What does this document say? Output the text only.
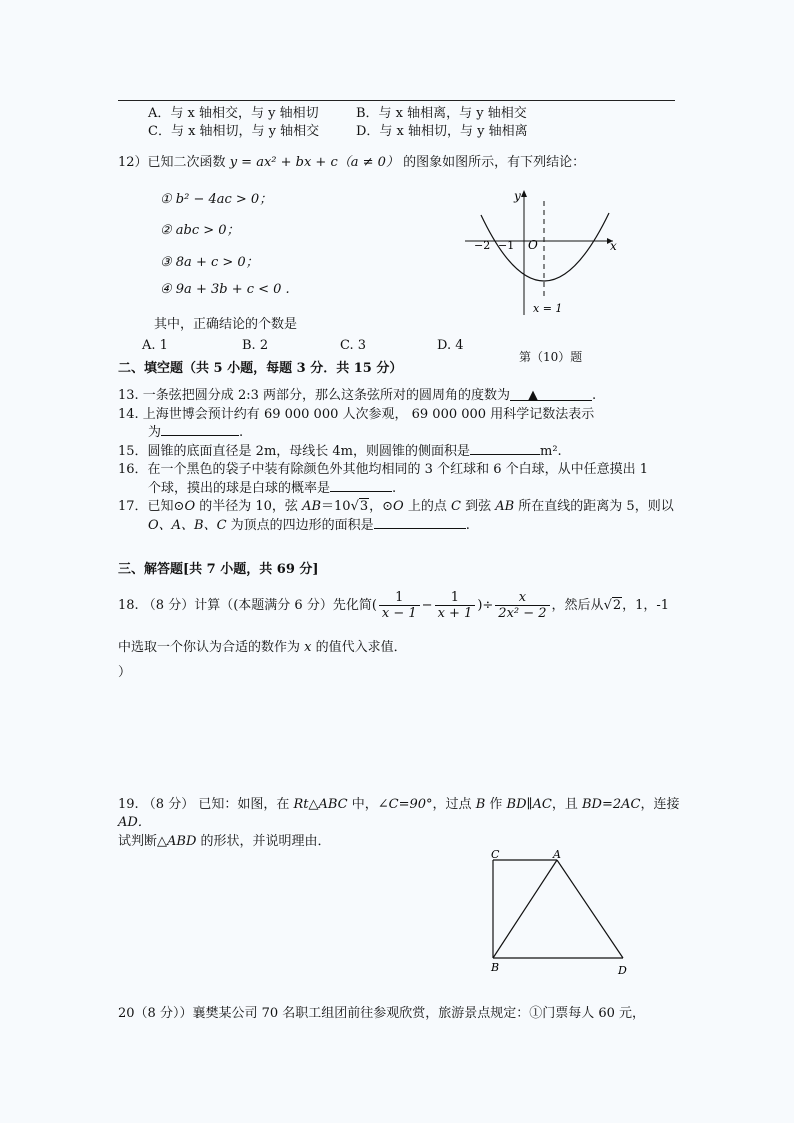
A．与 x 轴相交，与 y 轴相切	B．与 x 轴相离，与 y 轴相交
C．与 x 轴相切，与 y 轴相交	D．与 x 轴相切，与 y 轴相离
12）已知二次函数 y = ax² + bx + c（a ≠ 0） 的图象如图所示，有下列结论：
① b² − 4ac > 0；
② abc > 0；
③ 8a + c > 0；
④ 9a + 3b + c < 0 .
其中，正确结论的个数是
A. 1	B. 2	C. 3	D. 4
y
x
O
−2 −1
x = 1
第（10）题
二、填空题（共 5 小题，每题 3 分．共 15 分）
13. 一条弦把圆分成 2:3 两部分，那么这条弦所对的圆周角的度数为 ▲	.
14. 上海世博会预计约有 69 000 000 人次参观， 69 000 000 用科学记数法表示
为	.
15．圆锥的底面直径是 2m，母线长 4m，则圆锥的侧面积是	m².
16．在一个黑色的袋子中装有除颜色外其他均相同的 3 个红球和 6 个白球，从中任意摸出 1
个球，摸出的球是白球的概率是	.
17．已知⊙O 的半径为 10，弦 AB＝10√3，⊙O 上的点 C 到弦 AB 所在直线的距离为 5，则以
O、A、B、C 为顶点的四边形的面积是	.
三、解答题[共 7 小题，共 69 分]
18. （8 分）计算（(本题满分 6 分）先化简( $\frac{1}{x - 1} - \frac{1}{x + 1}$ )÷ $\frac{x}{\text{2x² − 2}}$ ，然后从√2，1，-1
中选取一个你认为合适的数作为 x 的值代入求值．
）
19. （8 分） 已知：如图，在 Rt△ABC 中，∠C=90°，过点 B 作 BD∥AC，且 BD=2AC，连接
AD．
试判断△ABD 的形状，并说明理由．
C	A
B	D
20（8 分））襄樊某公司 70 名职工组团前往参观欣赏，旅游景点规定：①门票每人 60 元，
